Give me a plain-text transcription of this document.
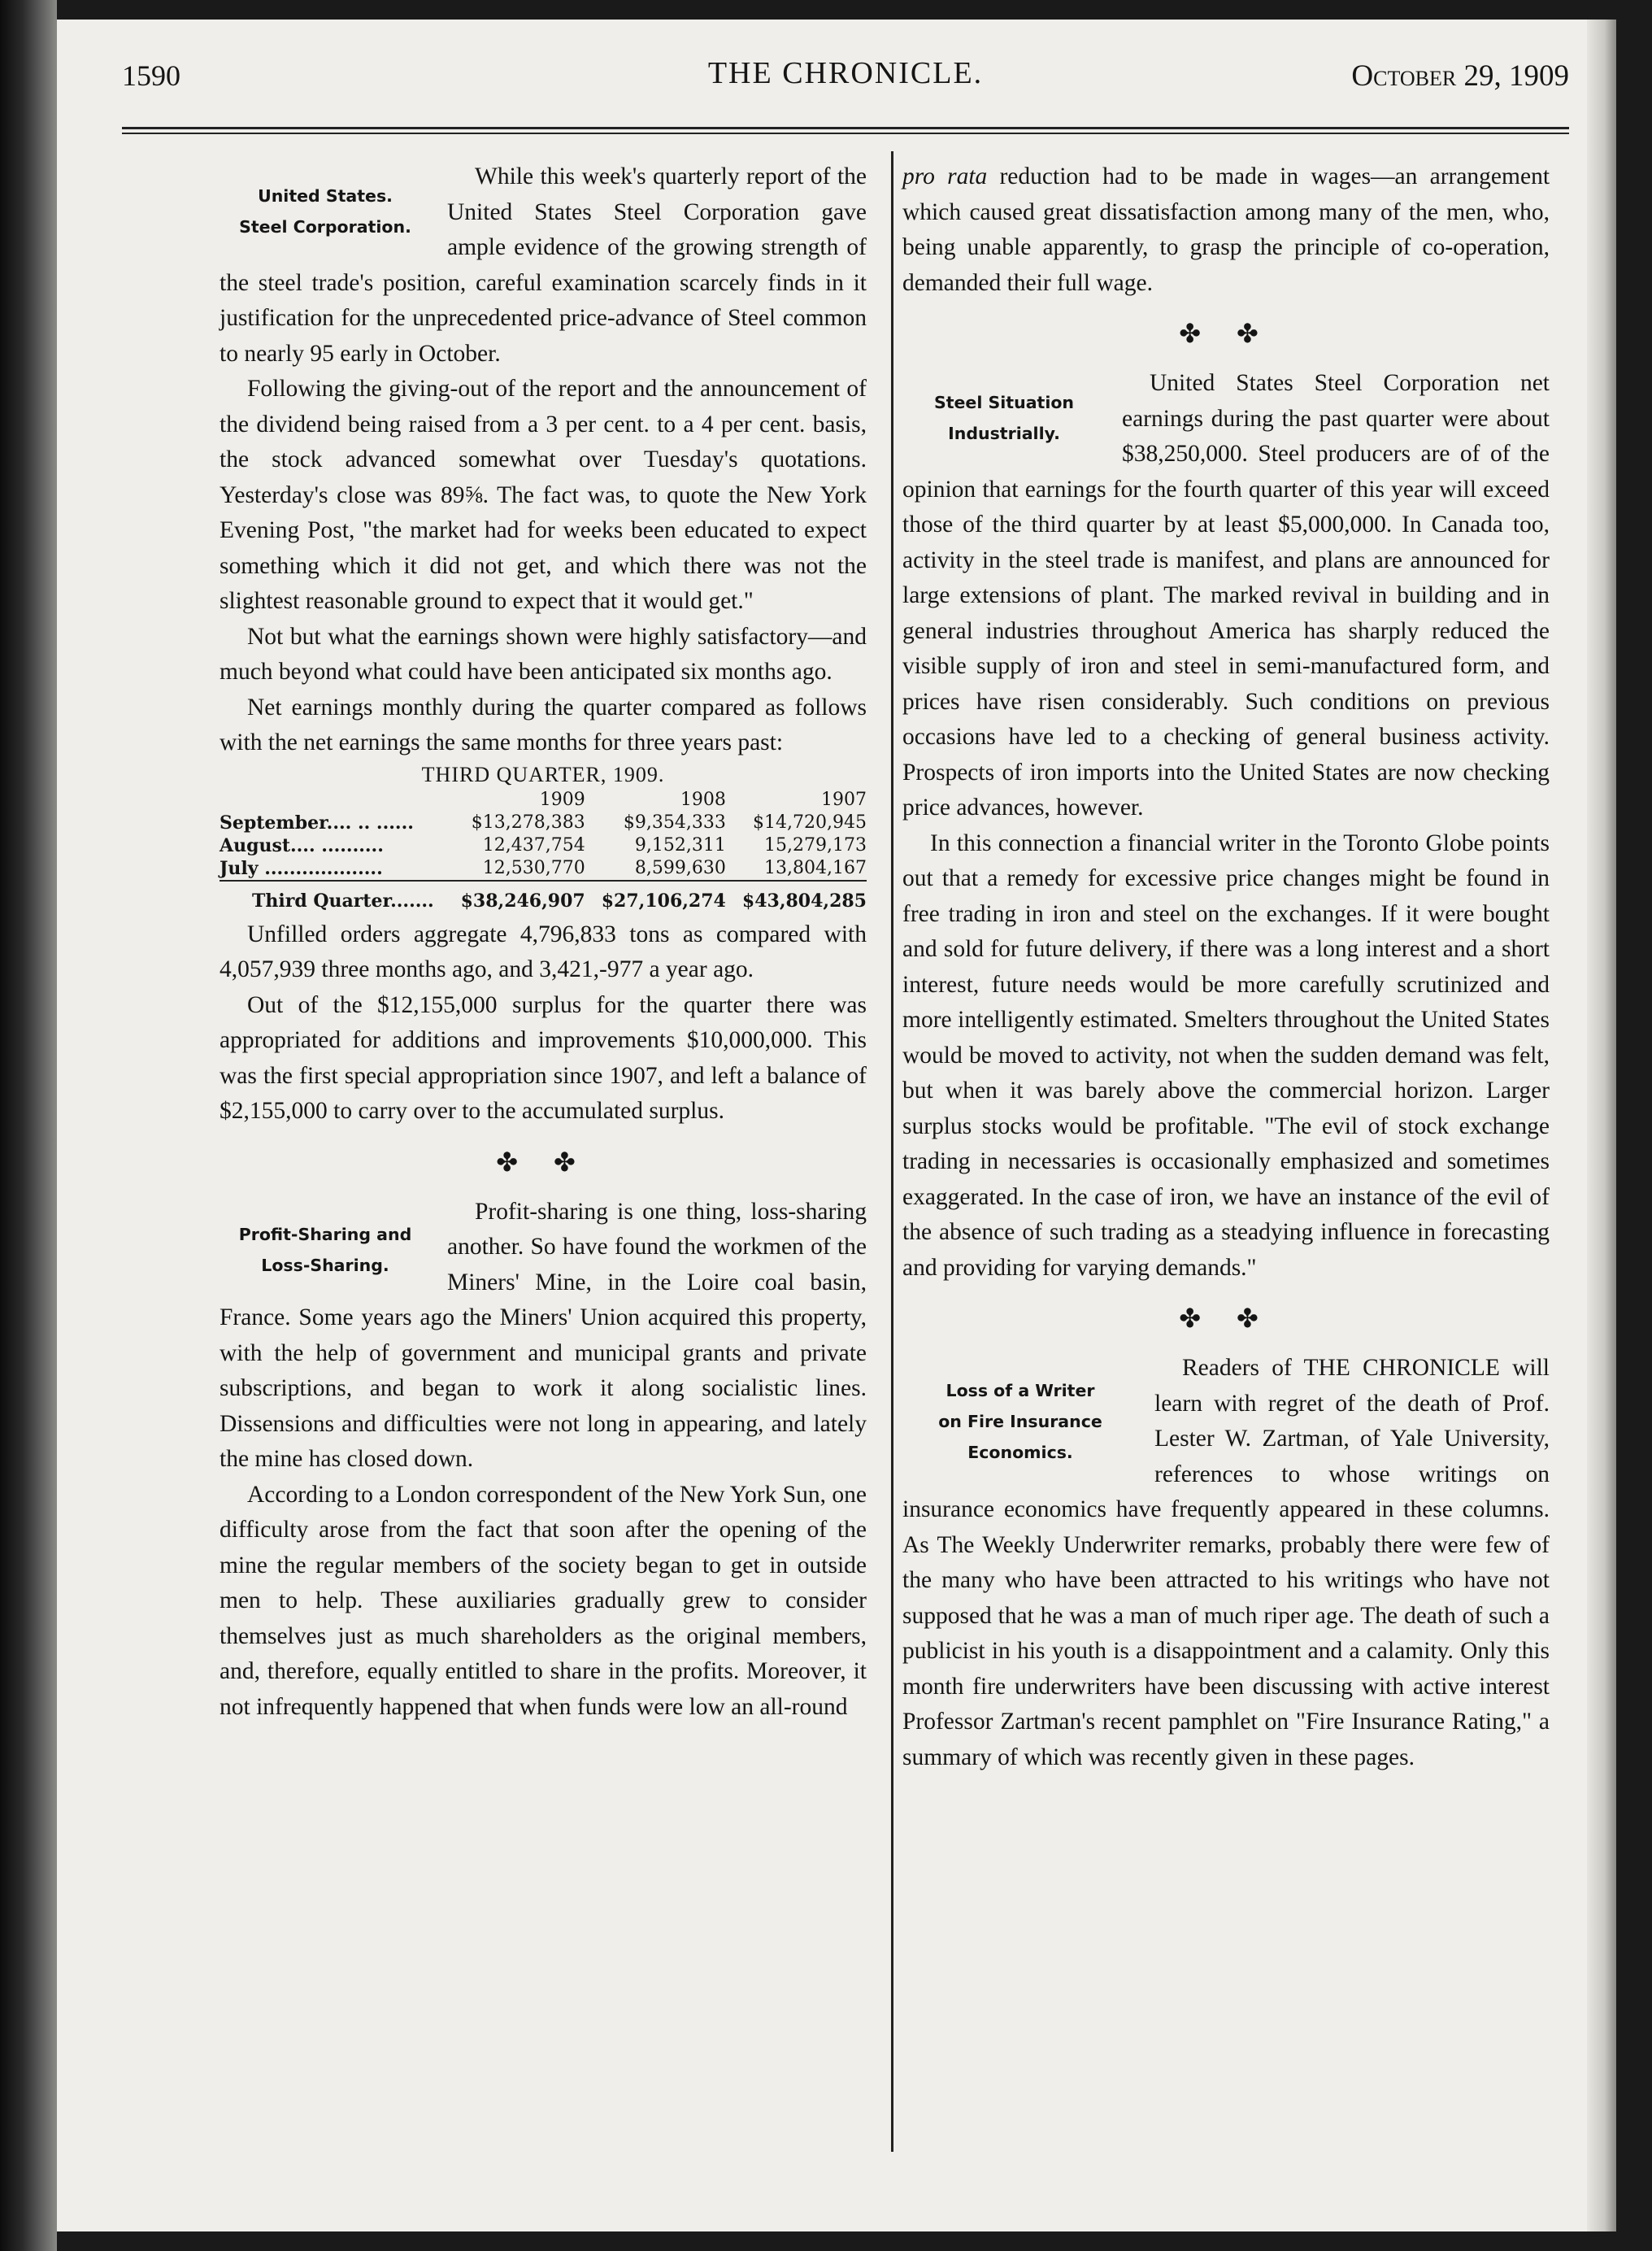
1590	THE CHRONICLE.	October 29, 1909
United States.
Steel Corporation.

While this week's quarterly report of the United States Steel Corporation gave ample evidence of the growing strength of the steel trade's position, careful examination scarcely finds in it justification for the unprecedented price-advance of Steel common to nearly 95 early in October.

Following the giving-out of the report and the announcement of the dividend being raised from a 3 per cent. to a 4 per cent. basis, the stock advanced somewhat over Tuesday's quotations. Yesterday's close was 89⅝. The fact was, to quote the New York Evening Post, "the market had for weeks been educated to expect something which it did not get, and which there was not the slightest reasonable ground to expect that it would get."

Not but what the earnings shown were highly satisfactory—and much beyond what could have been anticipated six months ago.

Net earnings monthly during the quarter compared as follows with the net earnings the same months for three years past:

THIRD QUARTER, 1909.
	1909	1908	1907
September.... .. ......	$13,278,383	$9,354,333	$14,720,945
August.... ..........	12,437,754	9,152,311	15,279,173
July ...................	12,530,770	8,599,630	13,804,167
Third Quarter.......	$38,246,907	$27,106,274	$43,804,285

Unfilled orders aggregate 4,796,833 tons as compared with 4,057,939 three months ago, and 3,421,-977 a year ago.

Out of the $12,155,000 surplus for the quarter there was appropriated for additions and improvements $10,000,000. This was the first special appropriation since 1907, and left a balance of $2,155,000 to carry over to the accumulated surplus.

✤ ✤
Profit-Sharing and
Loss-Sharing.

Profit-sharing is one thing, loss-sharing another. So have found the workmen of the Miners' Mine, in the Loire coal basin, France. Some years ago the Miners' Union acquired this property, with the help of government and municipal grants and private subscriptions, and began to work it along socialistic lines. Dissensions and difficulties were not long in appearing, and lately the mine has closed down.

According to a London correspondent of the New York Sun, one difficulty arose from the fact that soon after the opening of the mine the regular members of the society began to get in outside men to help. These auxiliaries gradually grew to consider themselves just as much shareholders as the original members, and, therefore, equally entitled to share in the profits. Moreover, it not infrequently happened that when funds were low an all-round

pro rata reduction had to be made in wages—an arrangement which caused great dissatisfaction among many of the men, who, being unable apparently, to grasp the principle of co-operation, demanded their full wage.

✤ ✤
Steel Situation
Industrially.

United States Steel Corporation net earnings during the past quarter were about $38,250,000. Steel producers are of of the opinion that earnings for the fourth quarter of this year will exceed those of the third quarter by at least $5,000,000. In Canada too, activity in the steel trade is manifest, and plans are announced for large extensions of plant. The marked revival in building and in general industries throughout America has sharply reduced the visible supply of iron and steel in semi-manufactured form, and prices have risen considerably. Such conditions on previous occasions have led to a checking of general business activity. Prospects of iron imports into the United States are now checking price advances, however.

In this connection a financial writer in the Toronto Globe points out that a remedy for excessive price changes might be found in free trading in iron and steel on the exchanges. If it were bought and sold for future delivery, if there was a long interest and a short interest, future needs would be more carefully scrutinized and more intelligently estimated. Smelters throughout the United States would be moved to activity, not when the sudden demand was felt, but when it was barely above the commercial horizon. Larger surplus stocks would be profitable. "The evil of stock exchange trading in necessaries is occasionally emphasized and sometimes exaggerated. In the case of iron, we have an instance of the evil of the absence of such trading as a steadying influence in forecasting and providing for varying demands."

✤ ✤
Loss of a Writer
on Fire Insurance
Economics.

Readers of THE CHRONICLE will learn with regret of the death of Prof. Lester W. Zartman, of Yale University, references to whose writings on insurance economics have frequently appeared in these columns. As The Weekly Underwriter remarks, probably there were few of the many who have been attracted to his writings who have not supposed that he was a man of much riper age. The death of such a publicist in his youth is a disappointment and a calamity. Only this month fire underwriters have been discussing with active interest Professor Zartman's recent pamphlet on "Fire Insurance Rating," a summary of which was recently given in these pages.
